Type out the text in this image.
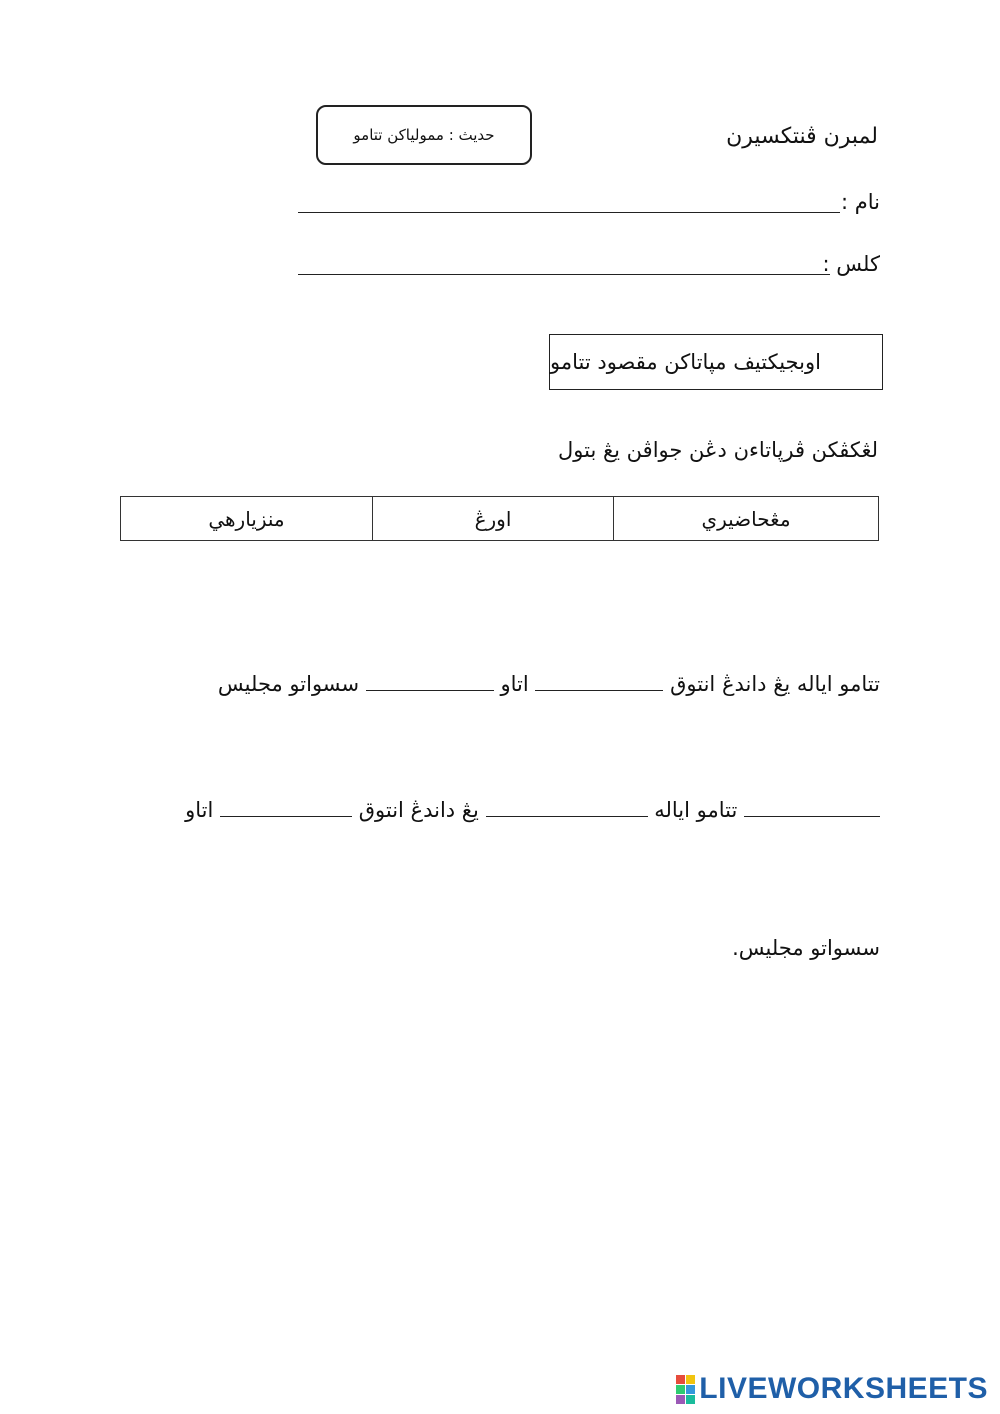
حديث : ممولياكن تتامو	لمبرن ڤنتكسيرن
نام :
كلس :
اوبجيكتيف مپاتاكن مقصود تتامو
لڠكڤكن ڤرپاتاءن دڠن جواڤن يڠ بتول
مڠحاضيري	اورڠ	منزيارهي
تتامو اياله يڠ داندڠ انتوق  اتاو  سسواتو مجليس
تتامو اياله  يڠ داندڠ انتوق  اتاو
سسواتو مجليس.
LIVEWORKSHEETS
